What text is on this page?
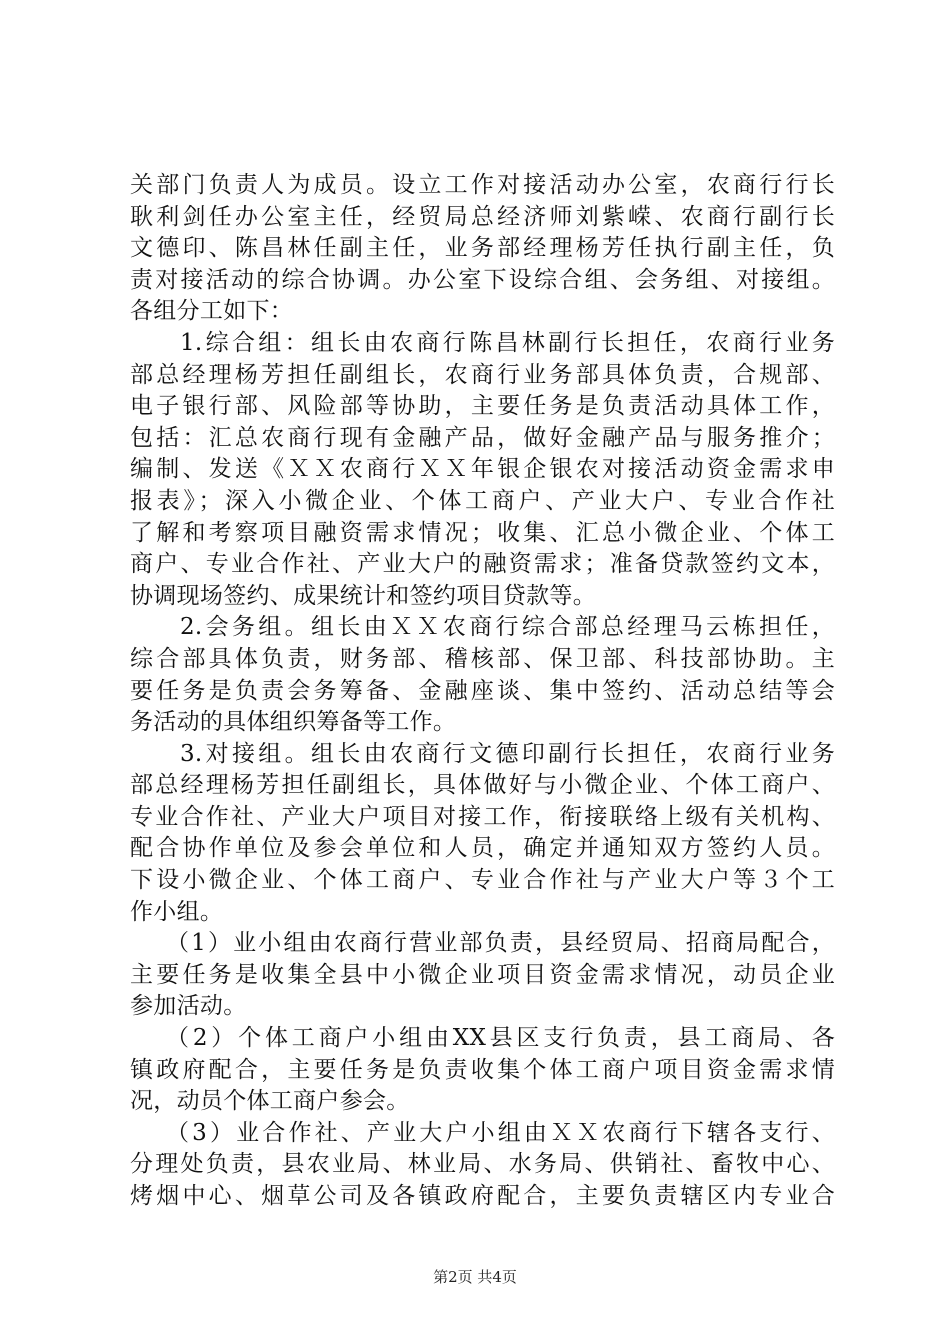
关部门负责人为成员。设立工作对接活动办公室，农商行行长
耿利剑任办公室主任，经贸局总经济师刘紫嵘、农商行副行长
文德印、陈昌林任副主任，业务部经理杨芳任执行副主任，负
责对接活动的综合协调。办公室下设综合组、会务组、对接组。
各组分工如下：
1.综合组：组长由农商行陈昌林副行长担任，农商行业务
部总经理杨芳担任副组长，农商行业务部具体负责，合规部、
电子银行部、风险部等协助，主要任务是负责活动具体工作，
包括：汇总农商行现有金融产品，做好金融产品与服务推介；
编制、发送《ＸＸ农商行ＸＸ年银企银农对接活动资金需求申
报表》；深入小微企业、个体工商户、产业大户、专业合作社
了解和考察项目融资需求情况；收集、汇总小微企业、个体工
商户、专业合作社、产业大户的融资需求；准备贷款签约文本，
协调现场签约、成果统计和签约项目贷款等。
2.会务组。组长由ＸＸ农商行综合部总经理马云栋担任，
综合部具体负责，财务部、稽核部、保卫部、科技部协助。主
要任务是负责会务筹备、金融座谈、集中签约、活动总结等会
务活动的具体组织筹备等工作。
3.对接组。组长由农商行文德印副行长担任，农商行业务
部总经理杨芳担任副组长，具体做好与小微企业、个体工商户、
专业合作社、产业大户项目对接工作，衔接联络上级有关机构、
配合协作单位及参会单位和人员，确定并通知双方签约人员。
下设小微企业、个体工商户、专业合作社与产业大户等３个工
作小组。
（1）业小组由农商行营业部负责，县经贸局、招商局配合，
主要任务是收集全县中小微企业项目资金需求情况，动员企业
参加活动。
（2）个体工商户小组由XX县区支行负责，县工商局、各
镇政府配合，主要任务是负责收集个体工商户项目资金需求情
况，动员个体工商户参会。
（3）业合作社、产业大户小组由ＸＸ农商行下辖各支行、
分理处负责，县农业局、林业局、水务局、供销社、畜牧中心、
烤烟中心、烟草公司及各镇政府配合，主要负责辖区内专业合
第2页 共4页
